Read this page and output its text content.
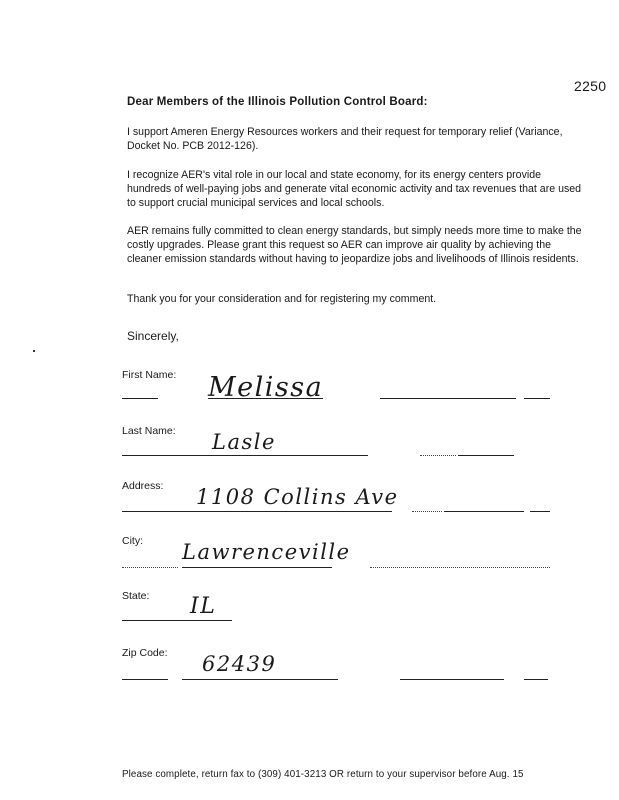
2250
Dear Members of the Illinois Pollution Control Board:
I support Ameren Energy Resources workers and their request for temporary relief (Variance, Docket No. PCB 2012-126).
I recognize AER's vital role in our local and state economy, for its energy centers provide hundreds of well-paying jobs and generate vital economic activity and tax revenues that are used to support crucial municipal services and local schools.
AER remains fully committed to clean energy standards, but simply needs more time to make the costly upgrades. Please grant this request so AER can improve air quality by achieving the cleaner emission standards without having to jeopardize jobs and livelihoods of Illinois residents.
Thank you for your consideration and for registering my comment.
Sincerely,
First Name: Melissa
Last Name: Lasle
Address: 1108 Collins Ave
City: Lawrenceville
State: IL
Zip Code: 62439
Please complete, return fax to (309) 401-3213 OR return to your supervisor before Aug. 15
